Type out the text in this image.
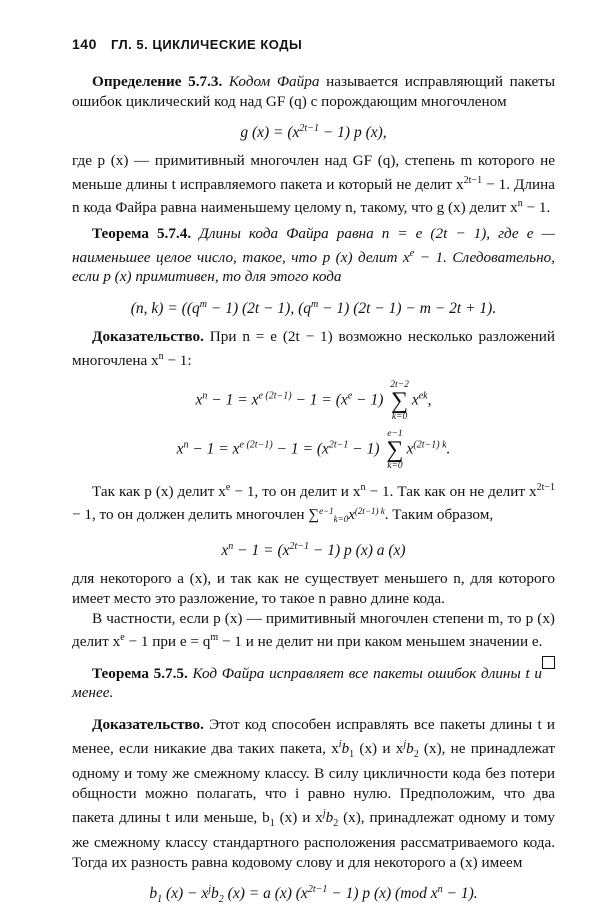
140 ГЛ. 5. ЦИКЛИЧЕСКИЕ КОДЫ

Определение 5.7.3. Кодом Файра называется исправляющий пакеты ошибок циклический код над GF (q) с порождающим многочленом

g $(x) = (x^{2t-1} - 1)$ p (x),

где p (x) — примитивный многочлен над GF (q), степень m которого не меньше длины t исправляемого пакета и который не делит $x^{2t-1} - 1$. Длина n кода Файра равна наименьшему целому n, такому, что g (x) делит $x^n - 1$.

Теорема 5.7.4. Длины кода Файра равна n = e (2t − 1), где e — наименьшее целое число, такое, что p (x) делит $x^e - 1$. Следовательно, если p (x) примитивен, то для этого кода

(n, $k) = ((q^m - 1) (2t - 1)$, $(q^m - 1) (2t - 1) - m - 2t + 1$).

Доказательство. При n = e (2t − 1) возможно несколько разложений многочлена $x^n - 1$:

$x^n - 1 = x^{e (2t-1)} - 1 = (x^e - 1)$
2t−2
∑
k=0
$x^{ek}$,
$x^n - 1 = x^{e (2t-1)} - 1 = (x^{2t-1} - 1)$
e−1
∑
k=0
$x^{(2t-1) k}$.

Так как p (x) делит $x^e - 1$, то он делит и $x^n - 1$. Так как он не делит $x^{2t-1} - 1$, то он должен делить многочлен $\sum^{e-1}_{k=0}x^{(2t-1) k}$. Таким образом,

$x^n - 1 = (x^{2t-1} - 1)$ p (x) a (x)

для некоторого a (x), и так как не существует меньшего n, для которого имеет место это разложение, то такое n равно длине кода.

В частности, если p (x) — примитивный многочлен степени m, то p (x) делит $x^e - 1$ при $e = q^m - 1$ и не делит ни при каком меньшем значении e.

Теорема 5.7.5. Код Файра исправляет все пакеты ошибок длины t и менее.

Доказательство. Этот код способен исправлять все пакеты длины t и менее, если никакие два таких пакета, $x^ib_1$ (x) и $x^jb_2$ (x), не принадлежат одному и тому же смежному классу. В силу цикличности кода без потери общности можно полагать, что i равно нулю. Предположим, что два пакета длины t или меньше, $b_1$ (x) и $x^jb_2$ (x), принадлежат одному и тому же смежному классу стандартного расположения рассматриваемого кода. Тогда их разность равна кодовому слову и для некоторого a (x) имеем

$b_1$ $(x) - x^jb_2$ (x) = a (x) $(x^{2t-1} - 1)$ p (x) (mod $x^n - 1$).
